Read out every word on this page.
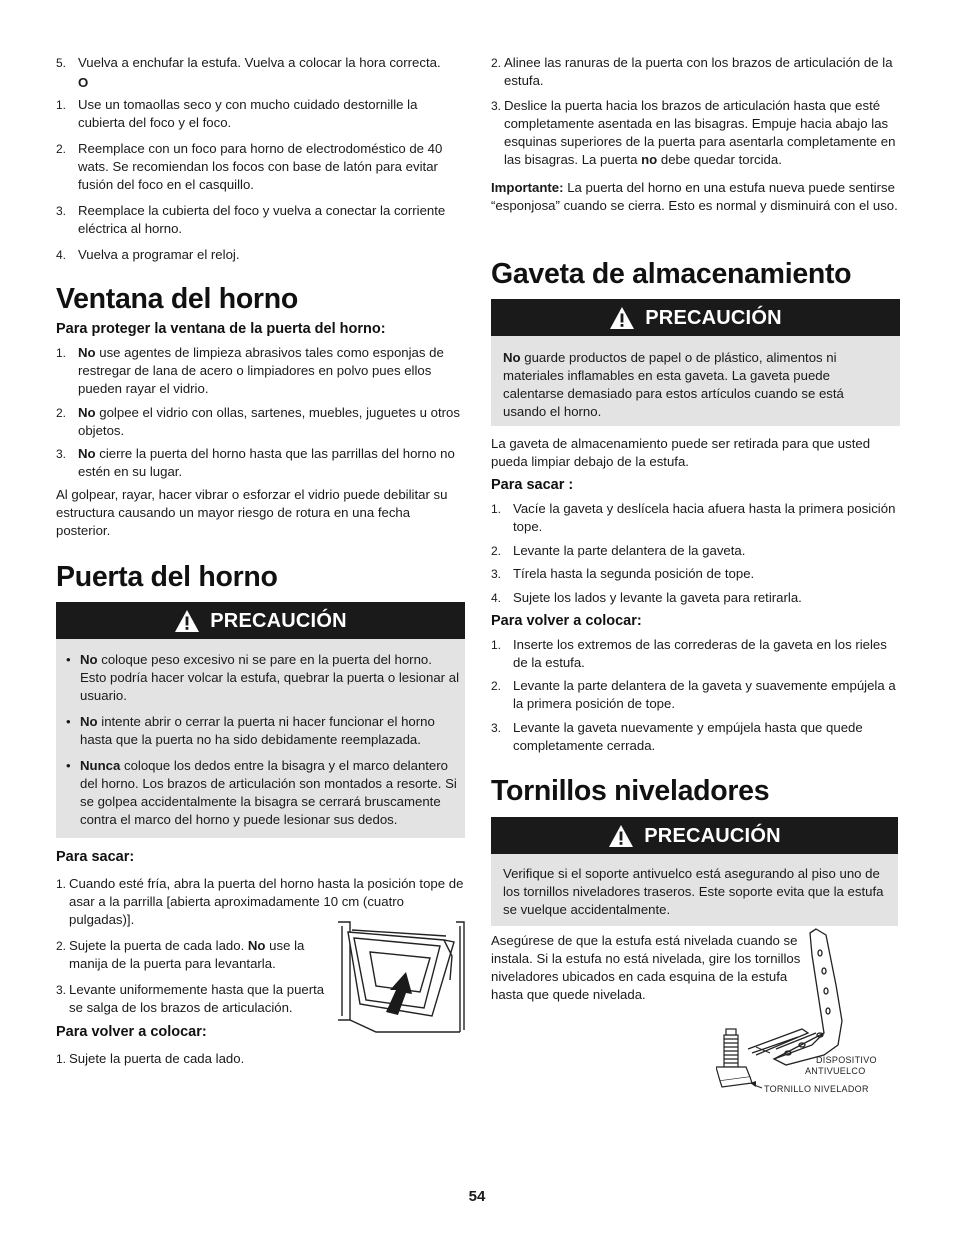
5. Vuelva a enchufar la estufa. Vuelva a colocar la hora correcta.
O
1. Use un tomaollas seco y con mucho cuidado destornille la cubierta del foco y el foco.
2. Reemplace con un foco para horno de electrodoméstico de 40 wats. Se recomiendan los focos con base de latón para evitar fusión del foco en el casquillo.
3. Reemplace la cubierta del foco y vuelva a conectar la corriente eléctrica al horno.
4. Vuelva a programar el reloj.
Ventana del horno
Para proteger la ventana de la puerta del horno:
1. No use agentes de limpieza abrasivos tales como esponjas de restregar de lana de acero o limpiadores en polvo pues ellos pueden rayar el vidrio.
2. No golpee el vidrio con ollas, sartenes, muebles, juguetes u otros objetos.
3. No cierre la puerta del horno hasta que las parrillas del horno no estén en su lugar.

Al golpear, rayar, hacer vibrar o esforzar el vidrio puede debilitar su estructura causando un mayor riesgo de rotura en una fecha posterior.

Puerta del horno
PRECAUCIÓN
• No coloque peso excesivo ni se pare en la puerta del horno. Esto podría hacer volcar la estufa, quebrar la puerta o lesionar al usuario.
• No intente abrir o cerrar la puerta ni hacer funcionar el horno hasta que la puerta no ha sido debidamente reemplazada.
• Nunca coloque los dedos entre la bisagra y el marco delantero del horno. Los brazos de articulación son montados a resorte. Si se golpea accidentalmente la bisagra se cerrará bruscamente contra el marco del horno y puede lesionar sus dedos.
Para sacar:
1. Cuando esté fría, abra la puerta del horno hasta la posición tope de asar a la parrilla [abierta aproximadamente 10 cm (cuatro pulgadas)].
2. Sujete la puerta de cada lado. No use la manija de la puerta para levantarla.
3. Levante uniformemente hasta que la puerta se salga de los brazos de articulación.
Para volver a colocar:
1. Sujete la puerta de cada lado.
2. Alinee las ranuras de la puerta con los brazos de articulación de la estufa.
3. Deslice la puerta hacia los brazos de articulación hasta que esté completamente asentada en las bisagras. Empuje hacia abajo las esquinas superiores de la puerta para asentarla completamente en las bisagras. La puerta no debe quedar torcida.

Importante: La puerta del horno en una estufa nueva puede sentirse “esponjosa” cuando se cierra. Esto es normal y disminuirá con el uso.

Gaveta de almacenamiento
PRECAUCIÓN

No guarde productos de papel o de plástico, alimentos ni materiales inflamables en esta gaveta. La gaveta puede calentarse demasiado para estos artículos cuando se está usando el horno.

La gaveta de almacenamiento puede ser retirada para que usted pueda limpiar debajo de la estufa.

Para sacar :
1. Vacíe la gaveta y deslícela hacia afuera hasta la primera posición tope.
2. Levante la parte delantera de la gaveta.
3. Tírela hasta la segunda posición de tope.
4. Sujete los lados y levante la gaveta para retirarla.
Para volver a colocar:
1. Inserte los extremos de las correderas de la gaveta en los rieles de la estufa.
2. Levante la parte delantera de la gaveta y suavemente empújela a la primera posición de tope.
3. Levante la gaveta nuevamente y empújela hasta que quede completamente cerrada.
Tornillos niveladores
PRECAUCIÓN

Verifique si el soporte antivuelco está asegurando al piso uno de los tornillos niveladores traseros. Este soporte evita que la estufa se vuelque accidentalmente.

Asegúrese de que la estufa está nivelada cuando se instala. Si la estufa no está nivelada, gire los tornillos niveladores ubicados en cada esquina de la estufa hasta que quede nivelada.

DISPOSITIVO
ANTIVUELCO
TORNILLO NIVELADOR
54
